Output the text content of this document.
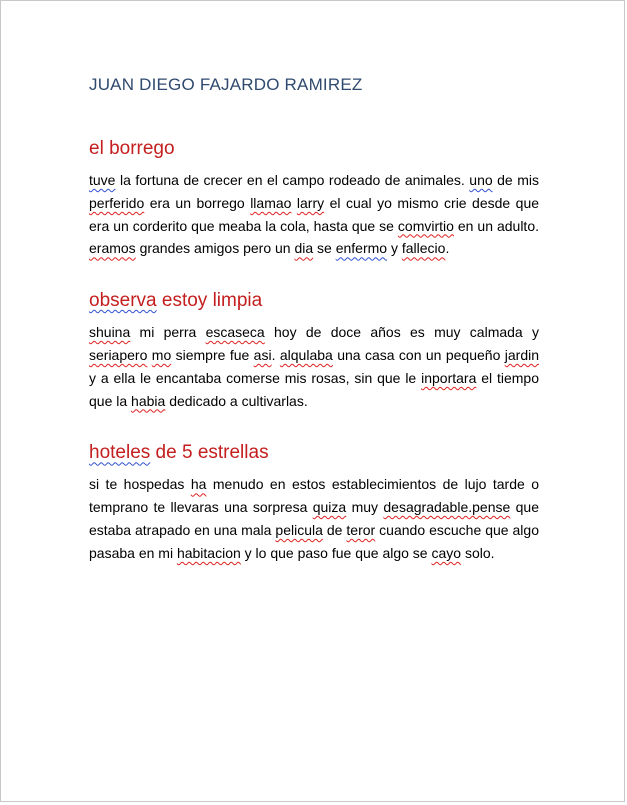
JUAN DIEGO FAJARDO RAMIREZ
el borrego

tuve la fortuna de crecer en el campo rodeado de animales. uno de mis perferido era un borrego llamao larry el cual yo mismo crie desde que era un corderito que meaba la cola, hasta que se comvirtio en un adulto. eramos grandes amigos pero un dia se enfermo y fallecio.

observa estoy limpia

shuina mi perra escaseca hoy de doce años es muy calmada y seriapero mo siempre fue asi. alqulaba una casa con un pequeño jardin y a ella le encantaba comerse mis rosas, sin que le inportara el tiempo que la habia dedicado a cultivarlas.

hoteles de 5 estrellas

si te hospedas ha menudo en estos establecimientos de lujo tarde o temprano te llevaras una sorpresa quiza muy desagradable.pense que estaba atrapado en una mala pelicula de teror cuando escuche que algo pasaba en mi habitacion y lo que paso fue que algo se cayo solo.
